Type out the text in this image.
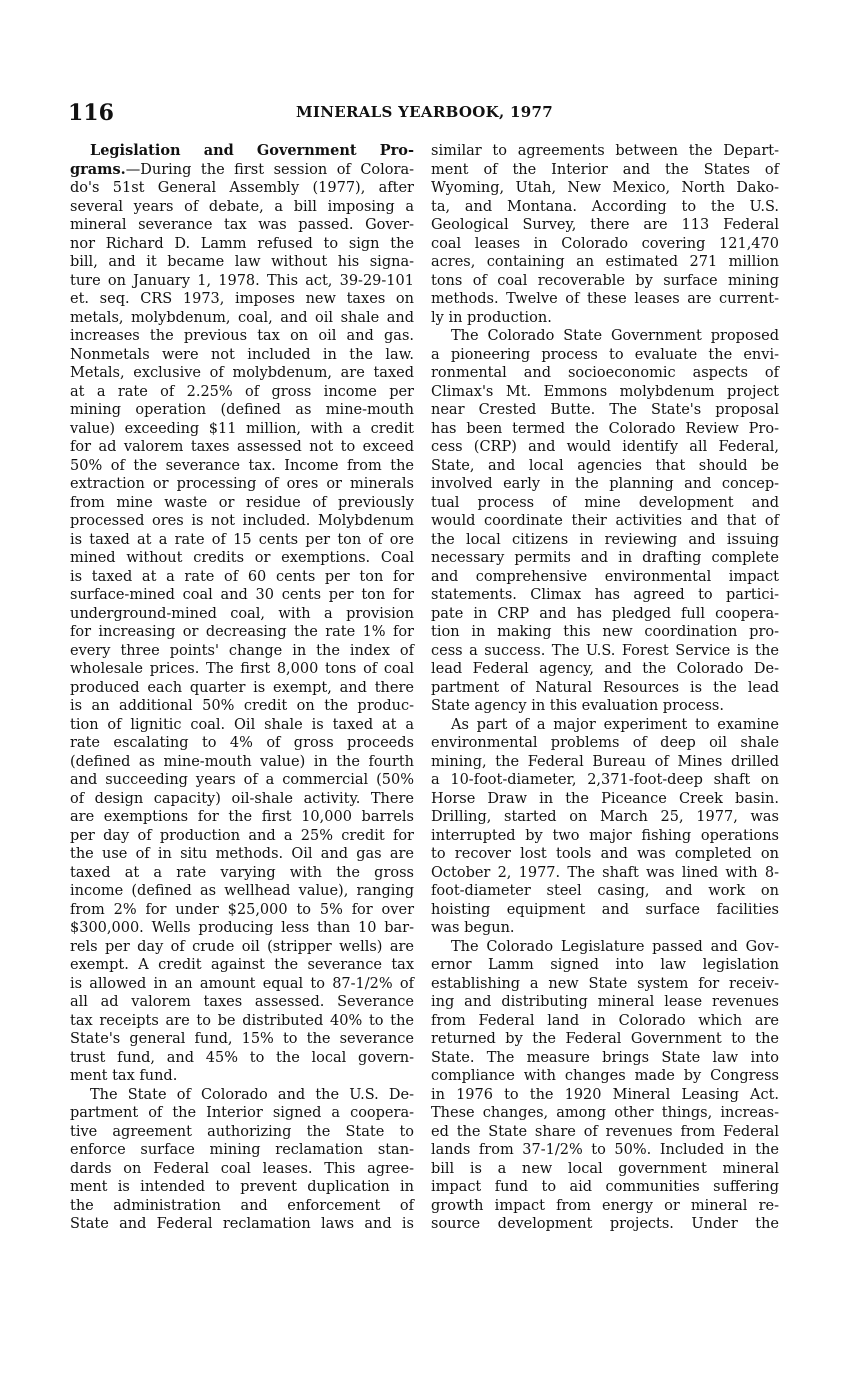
116	MINERALS YEARBOOK, 1977

Legislation and Government Pro-
grams.—During the first session of Colora-
do's 51st General Assembly (1977), after
several years of debate, a bill imposing a
mineral severance tax was passed. Gover-
nor Richard D. Lamm refused to sign the
bill, and it became law without his signa-
ture on January 1, 1978. This act, 39-29-101
et. seq. CRS 1973, imposes new taxes on
metals, molybdenum, coal, and oil shale and
increases the previous tax on oil and gas.
Nonmetals were not included in the law.
Metals, exclusive of molybdenum, are taxed
at a rate of 2.25% of gross income per
mining operation (defined as mine-mouth
value) exceeding $11 million, with a credit
for ad valorem taxes assessed not to exceed
50% of the severance tax. Income from the
extraction or processing of ores or minerals
from mine waste or residue of previously
processed ores is not included. Molybdenum
is taxed at a rate of 15 cents per ton of ore
mined without credits or exemptions. Coal
is taxed at a rate of 60 cents per ton for
surface-mined coal and 30 cents per ton for
underground-mined coal, with a provision
for increasing or decreasing the rate 1% for
every three points' change in the index of
wholesale prices. The first 8,000 tons of coal
produced each quarter is exempt, and there
is an additional 50% credit on the produc-
tion of lignitic coal. Oil shale is taxed at a
rate escalating to 4% of gross proceeds
(defined as mine-mouth value) in the fourth
and succeeding years of a commercial (50%
of design capacity) oil-shale activity. There
are exemptions for the first 10,000 barrels
per day of production and a 25% credit for
the use of in situ methods. Oil and gas are
taxed at a rate varying with the gross
income (defined as wellhead value), ranging
from 2% for under $25,000 to 5% for over
$300,000. Wells producing less than 10 bar-
rels per day of crude oil (stripper wells) are
exempt. A credit against the severance tax
is allowed in an amount equal to 87-1/2% of
all ad valorem taxes assessed. Severance
tax receipts are to be distributed 40% to the
State's general fund, 15% to the severance
trust fund, and 45% to the local govern-
ment tax fund.

The State of Colorado and the U.S. De-
partment of the Interior signed a coopera-
tive agreement authorizing the State to
enforce surface mining reclamation stan-
dards on Federal coal leases. This agree-
ment is intended to prevent duplication in
the administration and enforcement of
State and Federal reclamation laws and is

similar to agreements between the Depart-
ment of the Interior and the States of
Wyoming, Utah, New Mexico, North Dako-
ta, and Montana. According to the U.S.
Geological Survey, there are 113 Federal
coal leases in Colorado covering 121,470
acres, containing an estimated 271 million
tons of coal recoverable by surface mining
methods. Twelve of these leases are current-
ly in production.

The Colorado State Government proposed
a pioneering process to evaluate the envi-
ronmental and socioeconomic aspects of
Climax's Mt. Emmons molybdenum project
near Crested Butte. The State's proposal
has been termed the Colorado Review Pro-
cess (CRP) and would identify all Federal,
State, and local agencies that should be
involved early in the planning and concep-
tual process of mine development and
would coordinate their activities and that of
the local citizens in reviewing and issuing
necessary permits and in drafting complete
and comprehensive environmental impact
statements. Climax has agreed to partici-
pate in CRP and has pledged full coopera-
tion in making this new coordination pro-
cess a success. The U.S. Forest Service is the
lead Federal agency, and the Colorado De-
partment of Natural Resources is the lead
State agency in this evaluation process.

As part of a major experiment to examine
environmental problems of deep oil shale
mining, the Federal Bureau of Mines drilled
a 10-foot-diameter, 2,371-foot-deep shaft on
Horse Draw in the Piceance Creek basin.
Drilling, started on March 25, 1977, was
interrupted by two major fishing operations
to recover lost tools and was completed on
October 2, 1977. The shaft was lined with 8-
foot-diameter steel casing, and work on
hoisting equipment and surface facilities
was begun.

The Colorado Legislature passed and Gov-
ernor Lamm signed into law legislation
establishing a new State system for receiv-
ing and distributing mineral lease revenues
from Federal land in Colorado which are
returned by the Federal Government to the
State. The measure brings State law into
compliance with changes made by Congress
in 1976 to the 1920 Mineral Leasing Act.
These changes, among other things, increas-
ed the State share of revenues from Federal
lands from 37-1/2% to 50%. Included in the
bill is a new local government mineral
impact fund to aid communities suffering
growth impact from energy or mineral re-
source development projects. Under the
